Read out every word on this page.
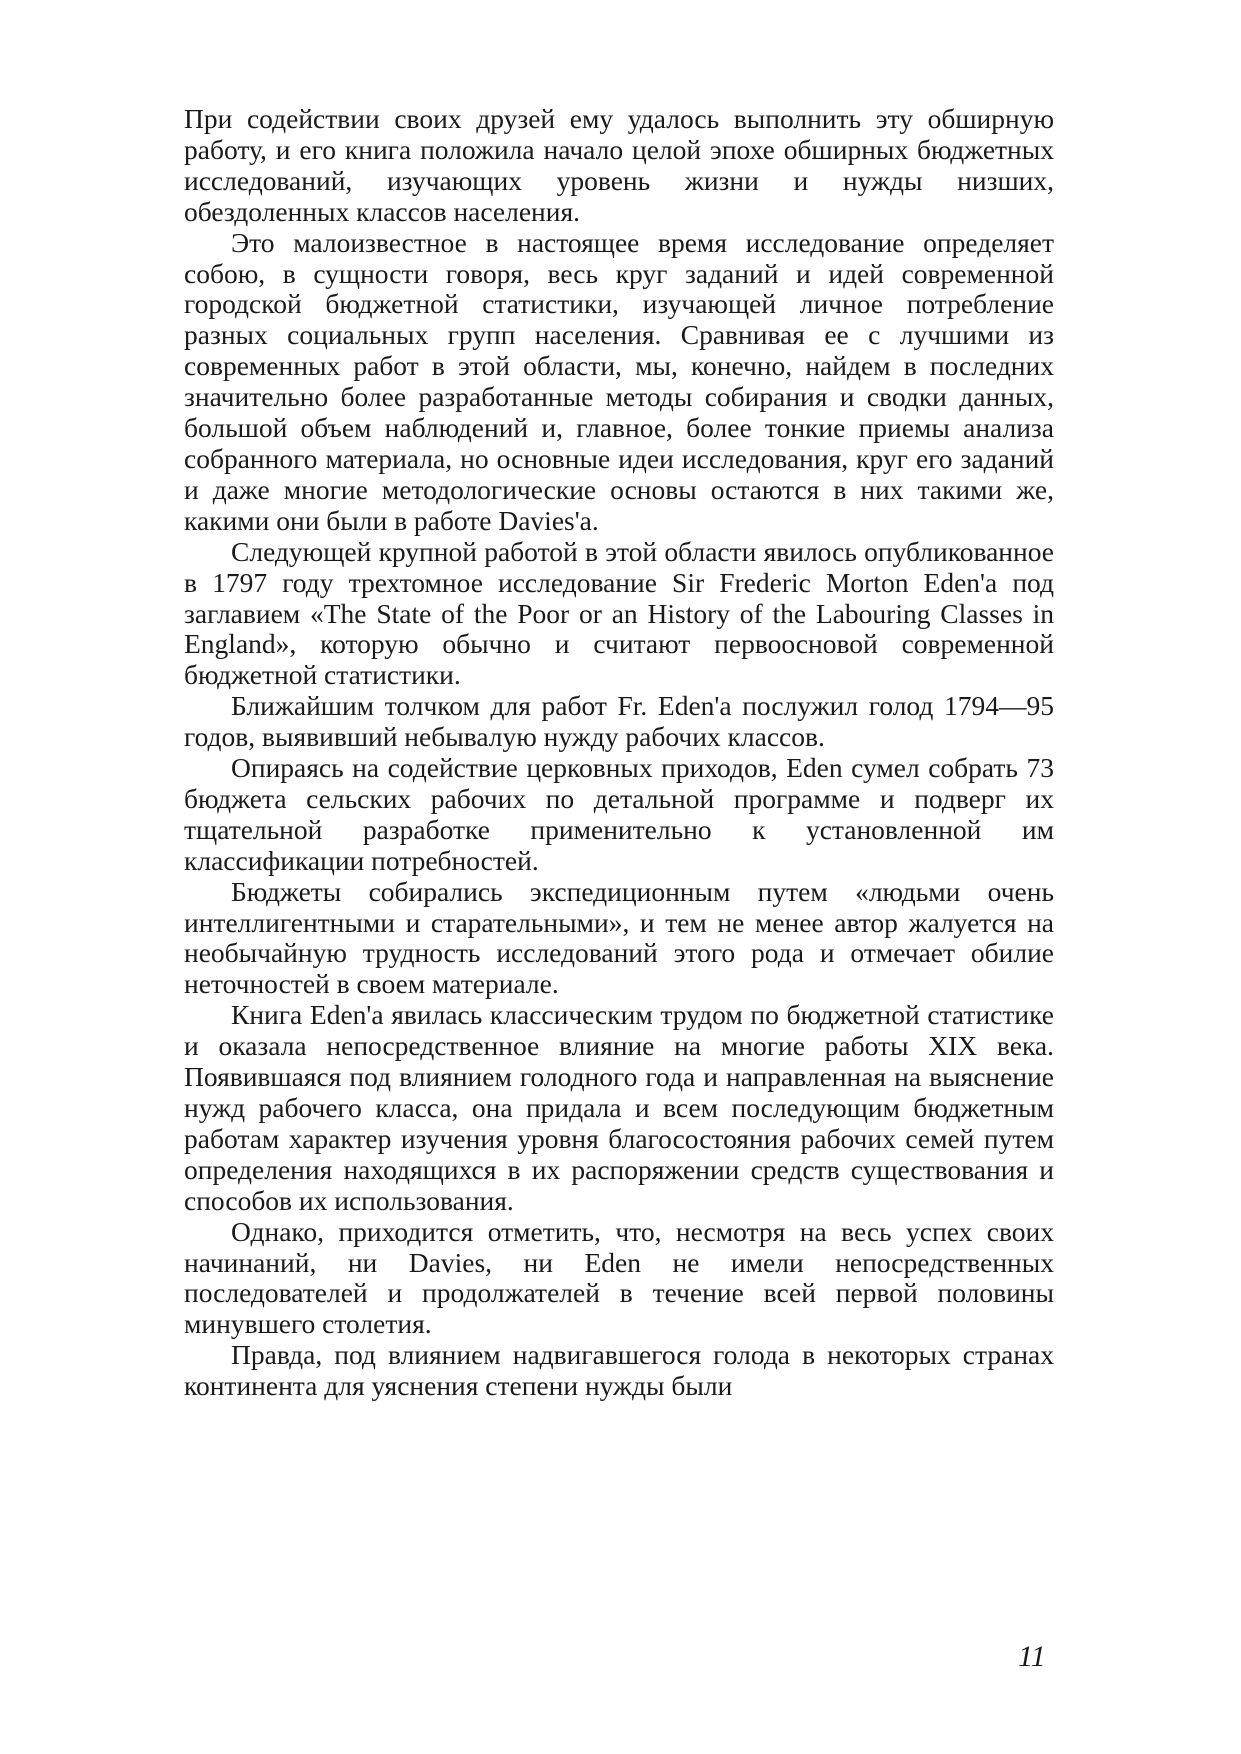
При содействии своих друзей ему удалось выполнить эту обширную работу, и его книга положила начало целой эпохе обширных бюджетных исследований, изучающих уровень жизни и нужды низших, обездоленных классов населения.

Это малоизвестное в настоящее время исследование определяет собою, в сущности говоря, весь круг заданий и идей современной городской бюджетной статистики, изучающей личное потребление разных социальных групп населения. Сравнивая ее с лучшими из современных работ в этой области, мы, конечно, найдем в последних значительно более разработанные методы собирания и сводки данных, большой объем наблюдений и, главное, более тонкие приемы анализа собранного материала, но основные идеи исследования, круг его заданий и даже многие методологические основы остаются в них такими же, какими они были в работе Davies'a.

Следующей крупной работой в этой области явилось опубликованное в 1797 году трехтомное исследование Sir Frederic Morton Eden'a под заглавием «The State of the Poor or an History of the Labouring Classes in England», которую обычно и считают первоосновой современной бюджетной статистики.

Ближайшим толчком для работ Fr. Eden'a послужил голод 1794—95 годов, выявивший небывалую нужду рабочих классов.

Опираясь на содействие церковных приходов, Eden сумел собрать 73 бюджета сельских рабочих по детальной программе и подверг их тщательной разработке применительно к установленной им классификации потребностей.

Бюджеты собирались экспедиционным путем «людьми очень интеллигентными и старательными», и тем не менее автор жалуется на необычайную трудность исследований этого рода и отмечает обилие неточностей в своем материале.

Книга Eden'a явилась классическим трудом по бюджетной статистике и оказала непосредственное влияние на многие работы XIX века. Появившаяся под влиянием голодного года и направленная на выяснение нужд рабочего класса, она придала и всем последующим бюджетным работам характер изучения уровня благосостояния рабочих семей путем определения находящихся в их распоряжении средств существования и способов их использования.

Однако, приходится отметить, что, несмотря на весь успех своих начинаний, ни Davies, ни Eden не имели непосредственных последователей и продолжателей в течение всей первой половины минувшего столетия.

Правда, под влиянием надвигавшегося голода в некоторых странах континента для уяснения степени нужды были

11
